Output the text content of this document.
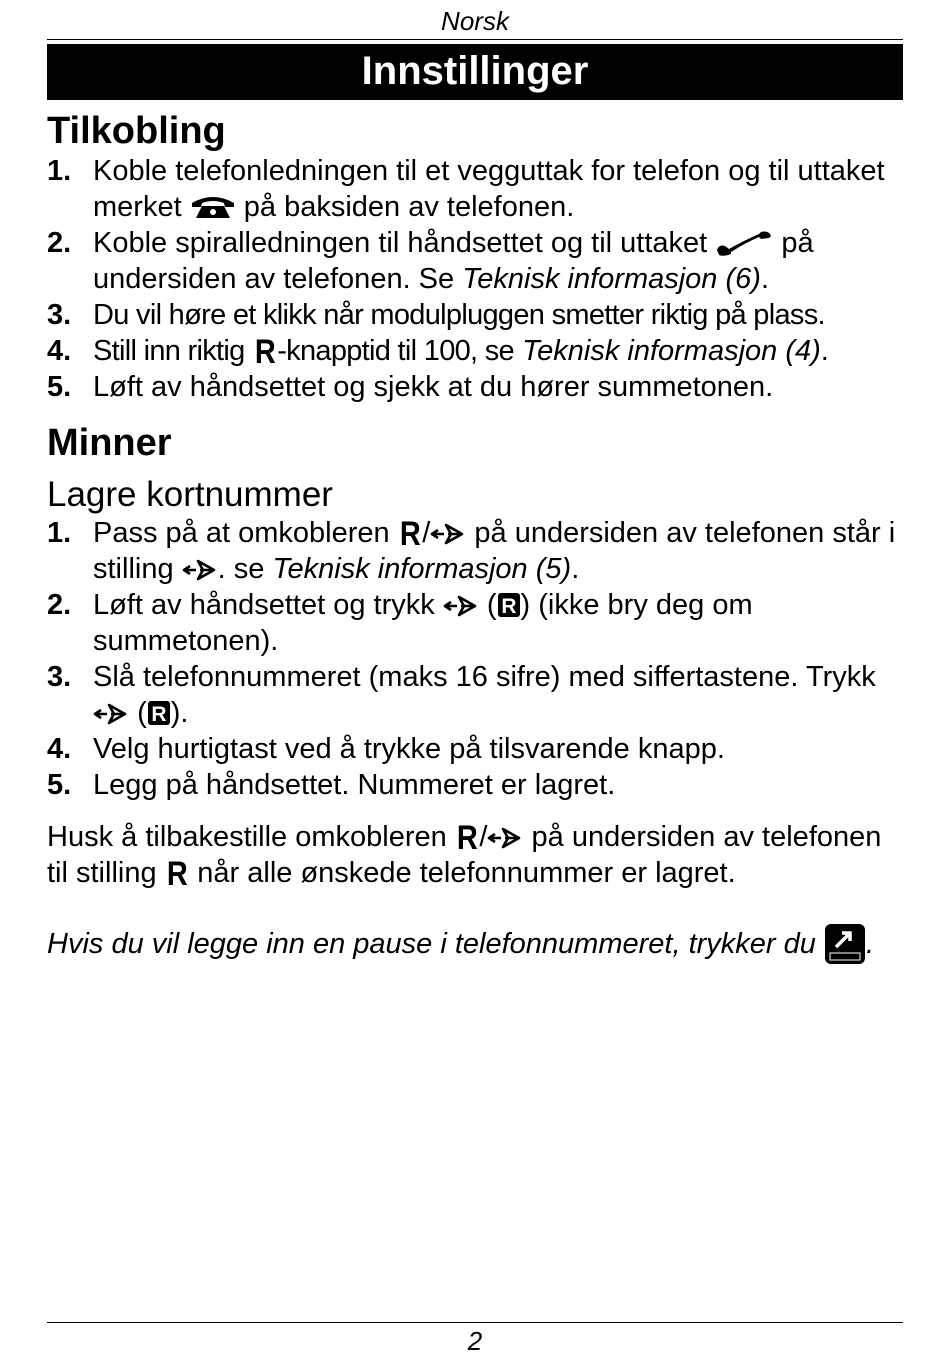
Norsk
Innstillinger
Tilkobling
1. Koble telefonledningen til et vegguttak for telefon og til uttaket merket på baksiden av telefonen.
2. Koble spiralledningen til håndsettet og til uttaket	på undersiden av telefonen. Se Teknisk informasjon (6).
3. Du vil høre et klikk når modulpluggen smetter riktig på plass.
4. Still inn riktig R-knapptid til 100, se Teknisk informasjon (4).
5. Løft av håndsettet og sjekk at du hører summetonen.
Minner
Lagre kortnummer
1. Pass på at omkobleren R/ på undersiden av telefonen står i stilling . se Teknisk informasjon (5).
2. Løft av håndsettet og trykk ( R ) (ikke bry deg om summetonen).
3. Slå telefonnummeret (maks 16 sifre) med siffertastene. Trykk
( R ).
4. Velg hurtigtast ved å trykke på tilsvarende knapp.
5. Legg på håndsettet. Nummeret er lagret.
Husk å tilbakestille omkobleren R/ på undersiden av telefonen til stilling R når alle ønskede telefonnummer er lagret.
Hvis du vil legge inn en pause i telefonnummeret, trykker du .
2
